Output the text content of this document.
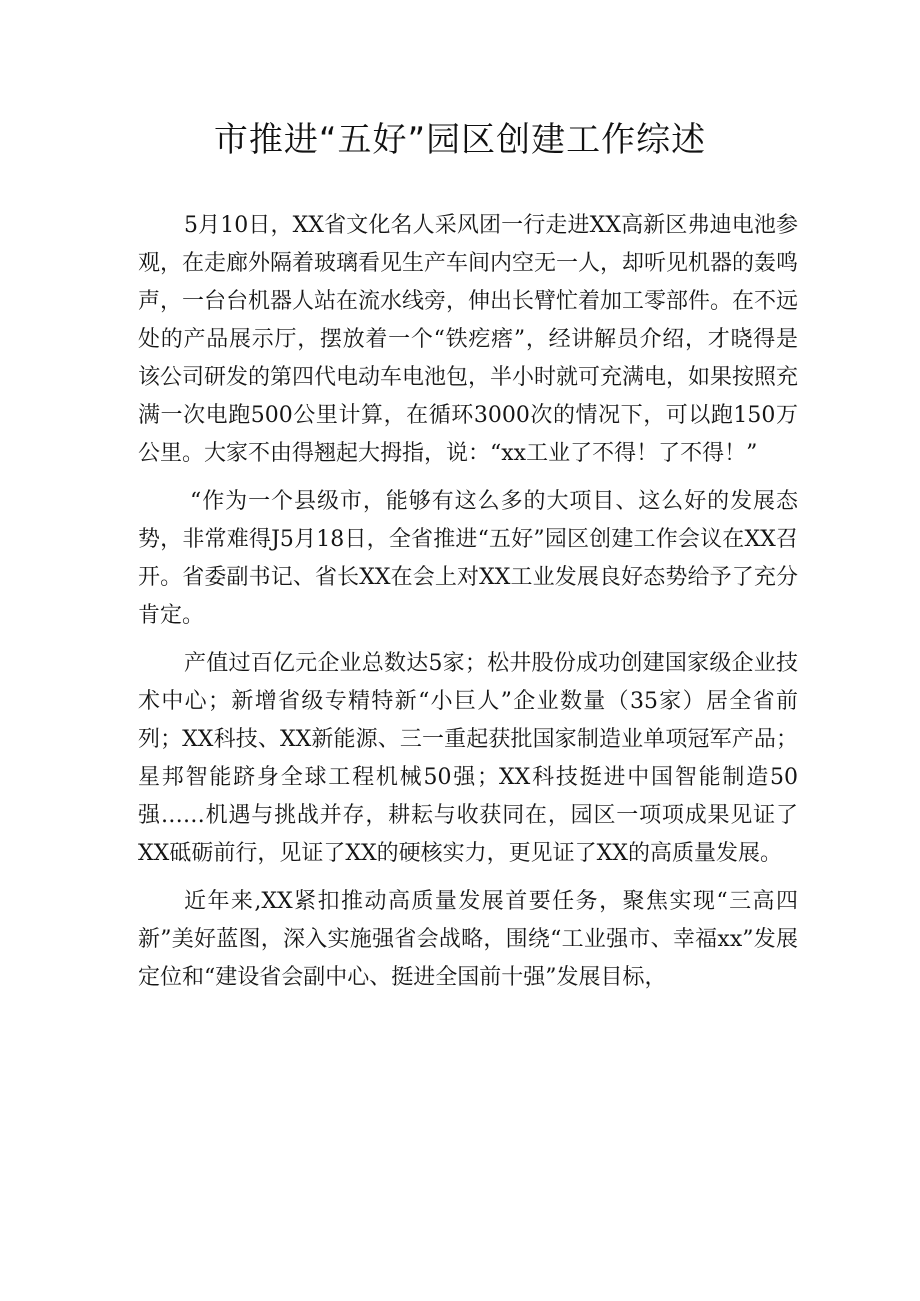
市推进“五好”园区创建工作综述

5月10日，XX省文化名人采风团一行走进XX高新区弗迪电池参观，在走廊外隔着玻璃看见生产车间内空无一人，却听见机器的轰鸣声，一台台机器人站在流水线旁，伸出长臂忙着加工零部件。在不远处的产品展示厅，摆放着一个“铁疙瘩”，经讲解员介绍，才晓得是该公司研发的第四代电动车电池包，半小时就可充满电，如果按照充满一次电跑500公里计算，在循环3000次的情况下，可以跑150万公里。大家不由得翘起大拇指，说：“xx工业了不得！了不得！”

“作为一个县级市，能够有这么多的大项目、这么好的发展态势，非常难得J5月18日，全省推进“五好”园区创建工作会议在XX召开。省委副书记、省长XX在会上对XX工业发展良好态势给予了充分肯定。

产值过百亿元企业总数达5家；松井股份成功创建国家级企业技术中心；新增省级专精特新“小巨人”企业数量（35家）居全省前列；XX科技、XX新能源、三一重起获批国家制造业单项冠军产品；星邦智能跻身全球工程机械50强；XX科技挺进中国智能制造50强……机遇与挑战并存，耕耘与收获同在，园区一项项成果见证了XX砥砺前行，见证了XX的硬核实力，更见证了XX的高质量发展。

近年来,XX紧扣推动高质量发展首要任务，聚焦实现“三高四新”美好蓝图，深入实施强省会战略，围绕“工业强市、幸福xx”发展定位和“建设省会副中心、挺进全国前十强”发展目标，
